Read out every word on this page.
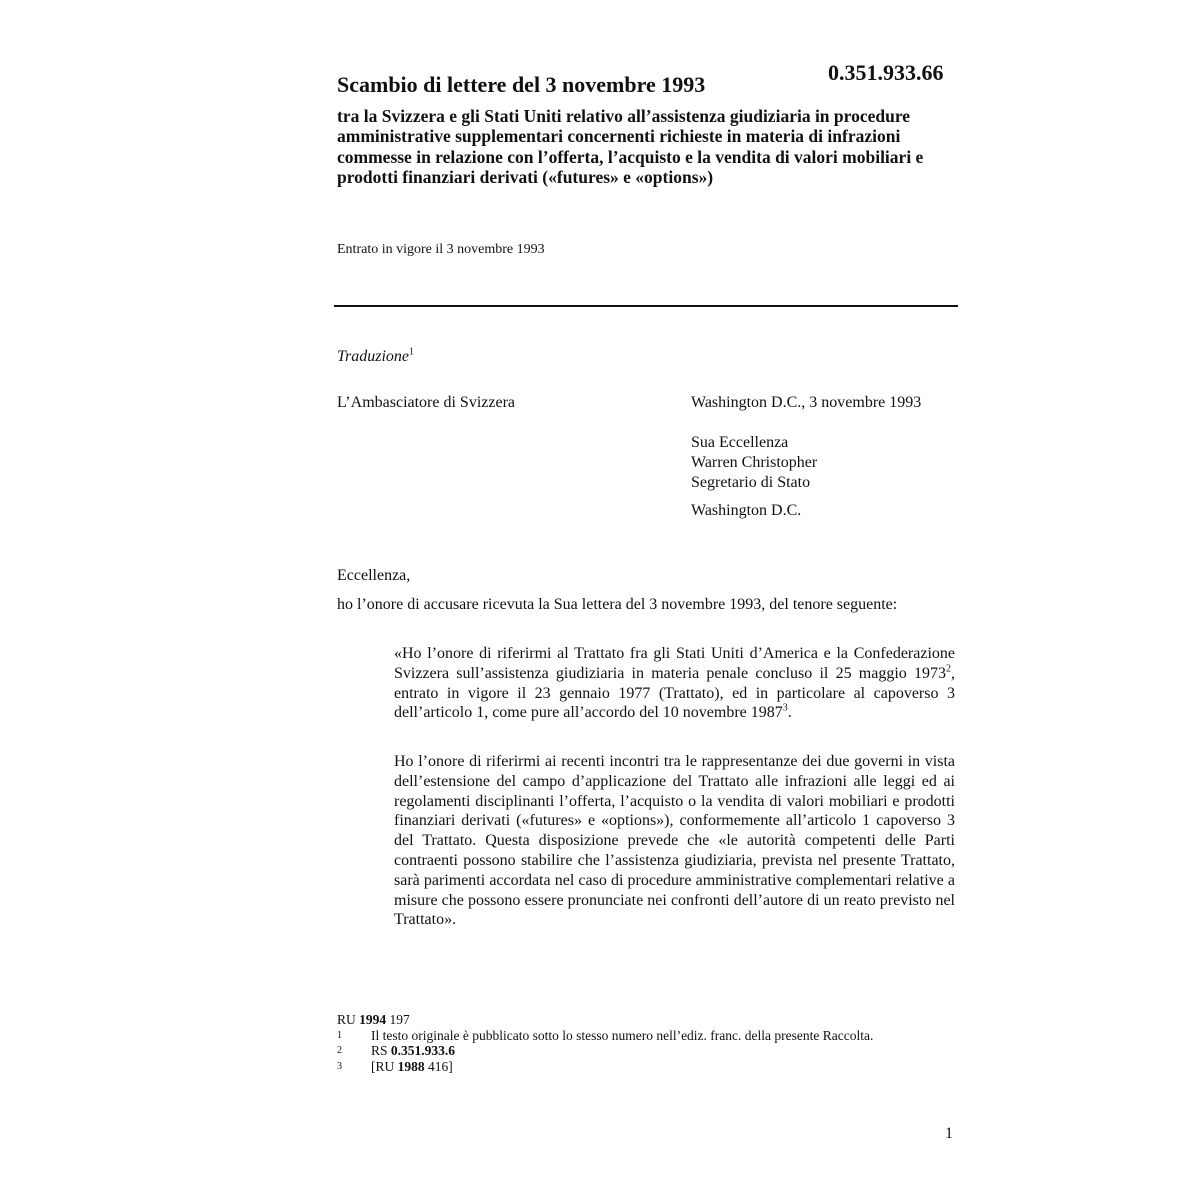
0.351.933.66
Scambio di lettere del 3 novembre 1993
tra la Svizzera e gli Stati Uniti relativo all’assistenza giudiziaria in procedure amministrative supplementari concernenti richieste in materia di infrazioni commesse in relazione con l’offerta, l’acquisto e la vendita di valori mobiliari e prodotti finanziari derivati («futures» e «options»)
Entrato in vigore il 3 novembre 1993
Traduzione$^1$
L’Ambasciatore di Svizzera	Washington D.C., 3 novembre 1993
Sua Eccellenza
Warren Christopher
Segretario di Stato
Washington D.C.
Eccellenza,

ho l’onore di accusare ricevuta la Sua lettera del 3 novembre 1993, del tenore seguente:

«Ho l’onore di riferirmi al Trattato fra gli Stati Uniti d’America e la Confederazione Svizzera sull’assistenza giudiziaria in materia penale concluso il 25 maggio 1973$^2$, entrato in vigore il 23 gennaio 1977 (Trattato), ed in particolare al capoverso 3 dell’articolo 1, come pure all’accordo del 10 novembre 1987$^3$.

Ho l’onore di riferirmi ai recenti incontri tra le rappresentanze dei due governi in vista dell’estensione del campo d’applicazione del Trattato alle infrazioni alle leggi ed ai regolamenti disciplinanti l’offerta, l’acquisto o la vendita di valori mobiliari e prodotti finanziari derivati («futures» e «options»), conformemente all’articolo 1 capoverso 3 del Trattato. Questa disposizione prevede che «le autorità competenti delle Parti contraenti possono stabilire che l’assistenza giudiziaria, prevista nel presente Trattato, sarà parimenti accordata nel caso di procedure amministrative complementari relative a misure che possono essere pronunciate nei confronti dell’autore di un reato previsto nel Trattato».

RU 1994 197
1	Il testo originale è pubblicato sotto lo stesso numero nell’ediz. franc. della presente Raccolta.
2	RS 0.351.933.6
3	[RU 1988 416]
1
